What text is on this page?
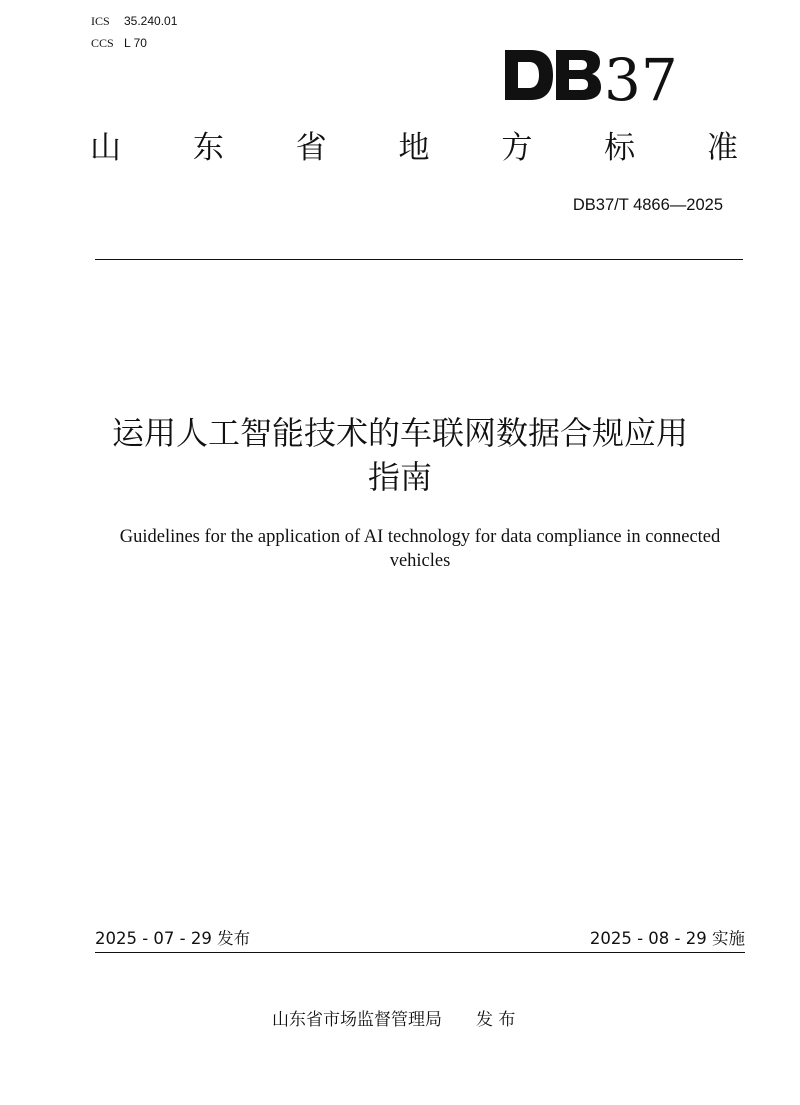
ICS 35.240.01
CCS L 70
37
山 东 省 地 方 标 准
DB37/T 4866—2025
运用人工智能技术的车联网数据合规应用
指南
Guidelines for the application of AI technology for data compliance in connected
vehicles
2025 - 07 - 29 发布	2025 - 08 - 29 实施
山东省市场监督管理局 发 布
